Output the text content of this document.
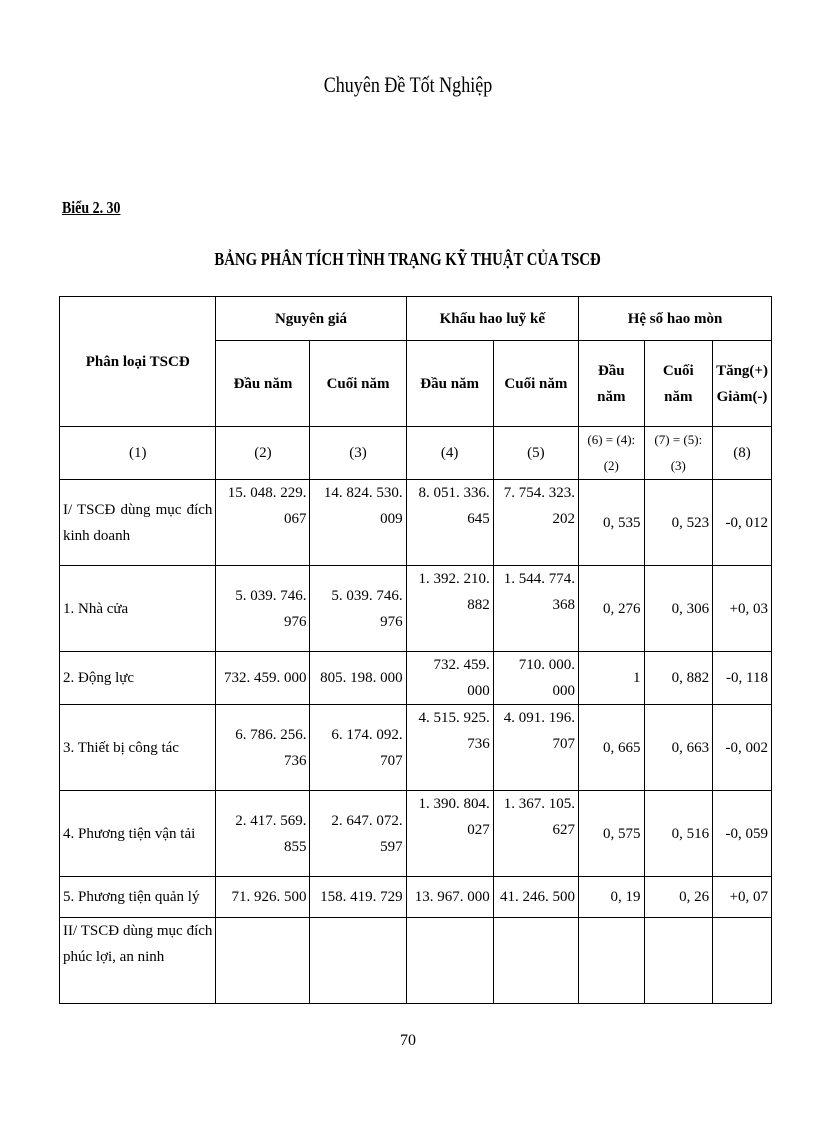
Chuyên Đề Tốt Nghiệp
Biểu 2. 30
BẢNG PHÂN TÍCH TÌNH TRẠNG KỸ THUẬT CỦA TSCĐ
Phân loại TSCĐ	Nguyên giá		Khấu hao luỹ kế		Hệ số hao mòn		
	Đầu năm	Cuối năm	Đầu năm	Cuối năm	Đầu năm	Cuối năm	Tăng(+) Giảm(-)
(1)	(2)	(3)	(4)	(5)	(6) = (4):(2)	(7) = (5):(3)	(8)
I/ TSCĐ dùng mục đích kinh doanh	15. 048. 229. 067	14. 824. 530. 009	8. 051. 336. 645	7. 754. 323. 202	0, 535	0, 523	-0, 012
1. Nhà cửa	5. 039. 746. 976	5. 039. 746. 976	1. 392. 210. 882	1. 544. 774. 368	0, 276	0, 306	+0, 03
2. Động lực	732. 459. 000	805. 198. 000	732. 459. 000	710. 000. 000	1	0, 882	-0, 118
3. Thiết bị công tác	6. 786. 256. 736	6. 174. 092. 707	4. 515. 925. 736	4. 091. 196. 707	0, 665	0, 663	-0, 002
4. Phương tiện vận tải	2. 417. 569. 855	2. 647. 072. 597	1. 390. 804. 027	1. 367. 105. 627	0, 575	0, 516	-0, 059
5. Phương tiện quản lý	71. 926. 500	158. 419. 729	13. 967. 000	41. 246. 500	0, 19	0, 26	+0, 07
II/ TSCĐ dùng mục đích phúc lợi, an ninh							
70
